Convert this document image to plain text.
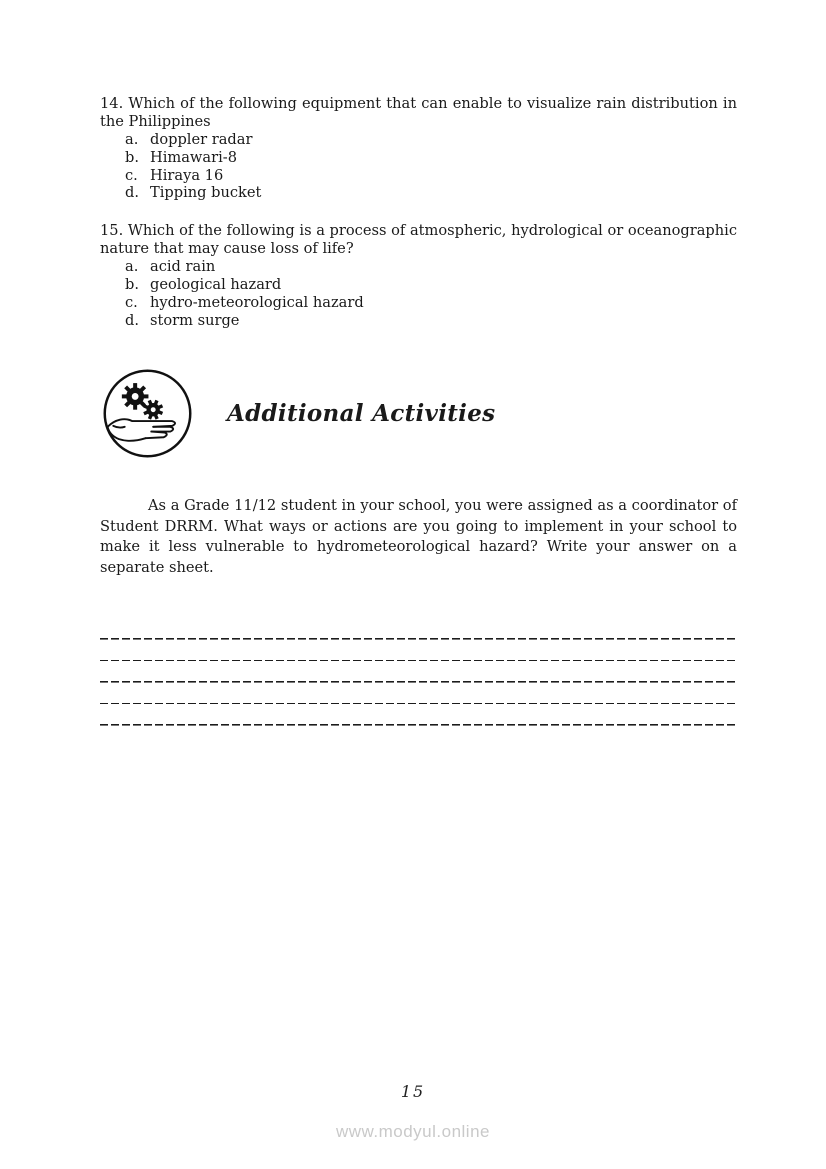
14. Which of the following equipment that can enable to visualize rain distribution in the Philippines

a. doppler radar
b. Himawari-8
c. Hiraya 16
d. Tipping bucket

15. Which of the following is a process of atmospheric, hydrological or oceanographic nature that may cause loss of life?

a. acid rain
b. geological hazard
c. hydro-meteorological hazard
d. storm surge
Additional Activities

As a Grade 11/12 student in your school, you were assigned as a coordinator of Student DRRM. What ways or actions are you going to implement in your school to make it less vulnerable to hydrometeorological hazard? Write your answer on a separate sheet.

15
www.modyul.online
